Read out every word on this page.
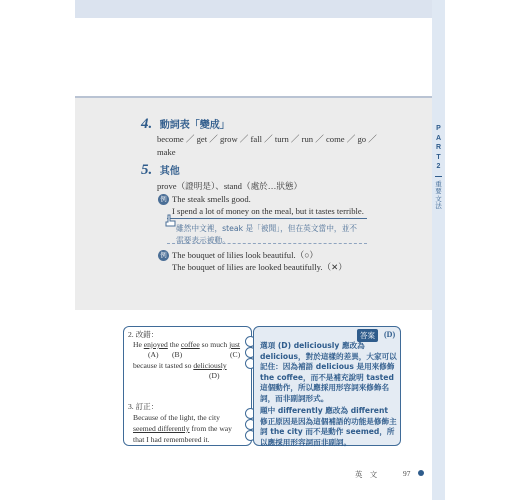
P
A
R
T
2
重
要
文
法
4. 動詞表「變成」
become ／ get ／ grow ／ fall ／ turn ／ run ／ come ／ go ／ make
5. 其他
prove（證明是）、stand（處於…狀態）
例 The steak smells good.
I spend a lot of money on the meal, but it tastes terrible.
雖然中文裡，steak 是「被聞」，但在英文當中，並不需要表示被動。
例 The bouquet of lilies look beautiful.（○）
The bouquet of lilies are looked beautifully.（✕）
2. 改錯：
He enjoyed the coffee so much just
(A) (B)	(C)
because it tasted so deliciously
(D)
3. 訂正：
Because of the light, the city
seemed differently from the way
that I had remembered it.
答案	(D)
選項 (D) deliciously 應改為 delicious，對於這樣的差異，大家可以記住：因為補語 delicious 是用來修飾 the coffee，而不是補充說明 tasted 這個動作，所以應採用形容詞來修飾名詞，而非副詞形式。
題中 differently 應改為 different 修正原因是因為這個補語的功能是修飾主詞 the city 而不是動作 seemed，所以應採用形容詞而非副詞。
英　文	97
